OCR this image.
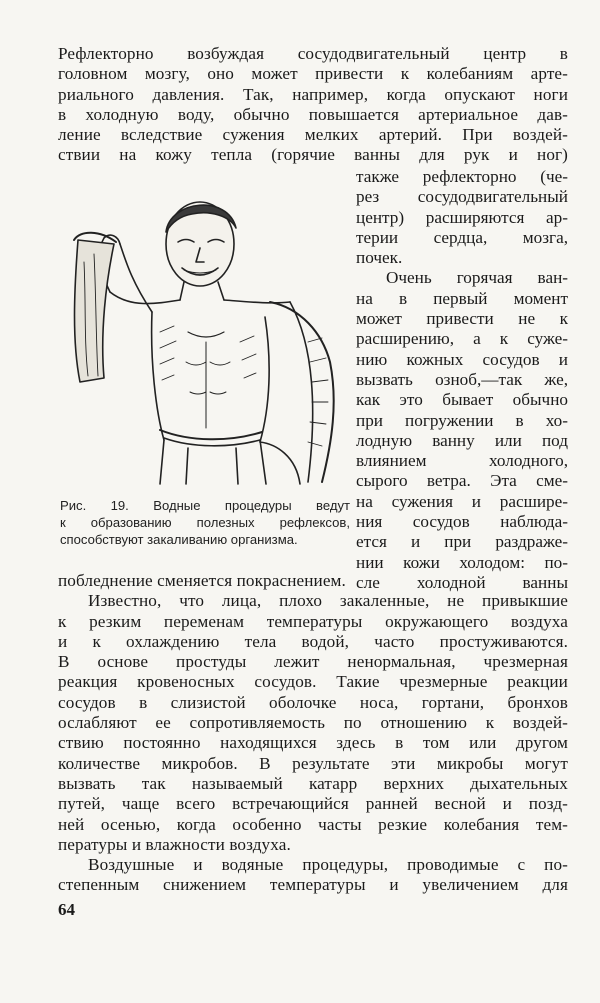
Рефлекторно возбуждая сосудодвигательный центр в
головном мозгу, оно может привести к колебаниям арте-
риального давления. Так, например, когда опускают ноги
в холодную воду, обычно повышается артериальное дав-
ление вследствие сужения мелких артерий. При воздей-
ствии на кожу тепла (горячие ванны для рук и ног)
также рефлекторно (че-
рез сосудодвигательный
центр) расширяются ар-
терии сердца, мозга,
почек.
Очень горячая ван-
на в первый момент
может привести не к
расширению, а к суже-
нию кожных сосудов и
вызвать озноб,—так же,
как это бывает обычно
при погружении в хо-
лодную ванну или под
влиянием холодного,
сырого ветра. Эта сме-
на сужения и расшире-
ния сосудов наблюда-
ется и при раздраже-
нии кожи холодом: по-
сле холодной ванны
Рис. 19. Водные процедуры ведут
к образованию полезных рефлексов,
способствуют закаливанию организма.
побледнение сменяется покраснением.
Известно, что лица, плохо закаленные, не привыкшие
к резким переменам температуры окружающего воздуха
и к охлаждению тела водой, часто простуживаются.
В основе простуды лежит ненормальная, чрезмерная
реакция кровеносных сосудов. Такие чрезмерные реакции
сосудов в слизистой оболочке носа, гортани, бронхов
ослабляют ее сопротивляемость по отношению к воздей-
ствию постоянно находящихся здесь в том или другом
количестве микробов. В результате эти микробы могут
вызвать так называемый катарр верхних дыхательных
путей, чаще всего встречающийся ранней весной и позд-
ней осенью, когда особенно часты резкие колебания тем-
пературы и влажности воздуха.
Воздушные и водяные процедуры, проводимые с по-
степенным снижением температуры и увеличением для
64
